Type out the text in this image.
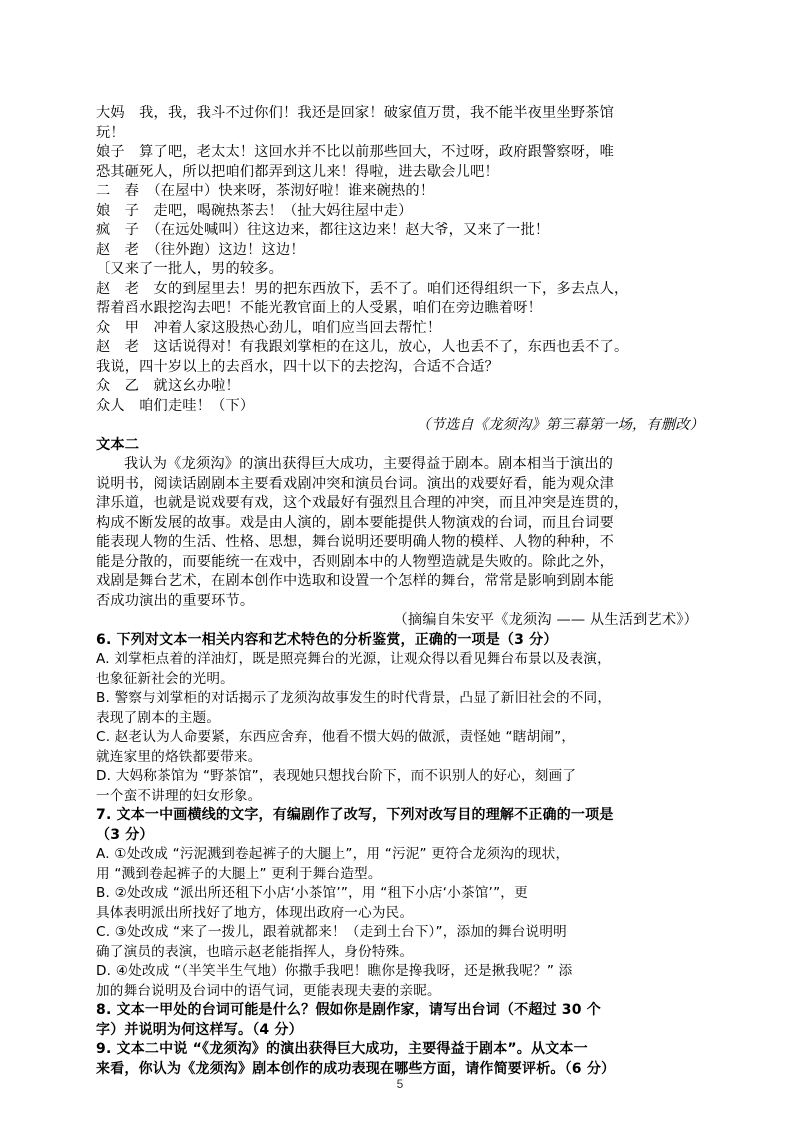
大妈　我，我，我斗不过你们！我还是回家！破家值万贯，我不能半夜里坐野茶馆
玩！
娘子　算了吧，老太太！这回水并不比以前那些回大，不过呀，政府跟警察呀，唯
恐其砸死人，所以把咱们都弄到这儿来！得啦，进去歇会儿吧！
二　春　（在屋中）快来呀，茶沏好啦！谁来碗热的！
娘　子　走吧，喝碗热茶去！（扯大妈往屋中走）
疯　子　（在远处喊叫）往这边来，都往这边来！赵大爷，又来了一批！
赵　老　（往外跑）这边！这边！
〔又来了一批人，男的较多。
赵　老　女的到屋里去！男的把东西放下，丢不了。咱们还得组织一下，多去点人，
帮着舀水跟挖沟去吧！不能光教官面上的人受累，咱们在旁边瞧着呀！
众　甲　冲着人家这股热心劲儿，咱们应当回去帮忙！
赵　老　这话说得对！有我跟刘掌柜的在这儿，放心，人也丢不了，东西也丢不了。
我说，四十岁以上的去舀水，四十以下的去挖沟，合适不合适？
众　乙　就这幺办啦！
众人　咱们走哇！（下）
（节选自《龙须沟》第三幕第一场，有删改）
文本二
我认为《龙须沟》的演出获得巨大成功，主要得益于剧本。剧本相当于演出的
说明书，阅读话剧剧本主要看戏剧冲突和演员台词。演出的戏要好看，能为观众津
津乐道，也就是说戏要有戏，这个戏最好有强烈且合理的冲突，而且冲突是连贯的，
构成不断发展的故事。戏是由人演的，剧本要能提供人物演戏的台词，而且台词要
能表现人物的生活、性格、思想，舞台说明还要明确人物的模样、人物的种种，不
能是分散的，而要能统一在戏中，否则剧本中的人物塑造就是失败的。除此之外，
戏剧是舞台艺术，在剧本创作中选取和设置一个怎样的舞台，常常是影响到剧本能
否成功演出的重要环节。
（摘编自朱安平《龙须沟 —— 从生活到艺术》）
6. 下列对文本一相关内容和艺术特色的分析鉴赏，正确的一项是（3 分）
A. 刘掌柜点着的洋油灯，既是照亮舞台的光源，让观众得以看见舞台布景以及表演，
也象征新社会的光明。
B. 警察与刘掌柜的对话揭示了龙须沟故事发生的时代背景，凸显了新旧社会的不同，
表现了剧本的主题。
C. 赵老认为人命要紧，东西应舍弃，他看不惯大妈的做派，责怪她 “瞎胡闹”，
就连家里的烙铁都要带来。
D. 大妈称茶馆为 “野茶馆”，表现她只想找台阶下，而不识别人的好心，刻画了
一个蛮不讲理的妇女形象。
7. 文本一中画横线的文字，有编剧作了改写，下列对改写目的理解不正确的一项是
（3 分）
A. ①处改成 “污泥溅到卷起裤子的大腿上”，用 “污泥” 更符合龙须沟的现状，
用 “溅到卷起裤子的大腿上” 更利于舞台造型。
B. ②处改成 “派出所还租下小店‘小茶馆’”，用 “租下小店‘小茶馆’”，更
具体表明派出所找好了地方，体现出政府一心为民。
C. ③处改成 “来了一拨儿，跟着就都来！（走到土台下）”，添加的舞台说明明
确了演员的表演，也暗示赵老能指挥人，身份特殊。
D. ④处改成 “（半笑半生气地）你撒手我吧！瞧你是搀我呀，还是揪我呢？” 添
加的舞台说明及台词中的语气词，更能表现夫妻的亲昵。
8. 文本一甲处的台词可能是什么？假如你是剧作家，请写出台词（不超过 30 个
字）并说明为何这样写。（4 分）
9. 文本二中说 “《龙须沟》的演出获得巨大成功，主要得益于剧本”。从文本一
来看，你认为《龙须沟》剧本创作的成功表现在哪些方面，请作简要评析。（6 分）
5
